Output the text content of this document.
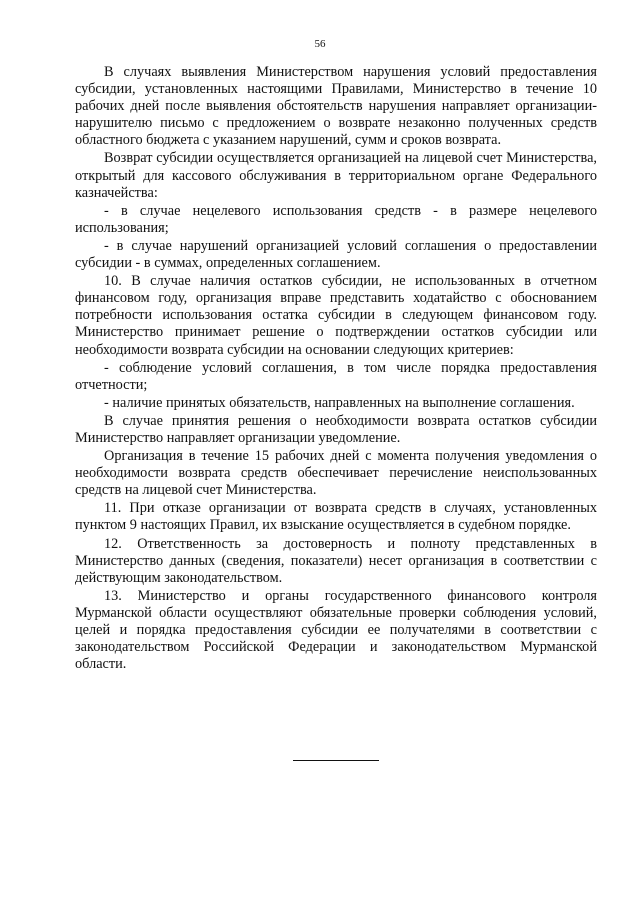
56

В случаях выявления Министерством нарушения условий предоставления субсидии, установленных настоящими Правилами, Министерство в течение 10 рабочих дней после выявления обстоятельств нарушения направляет организации-нарушителю письмо с предложением о возврате незаконно полученных средств областного бюджета с указанием нарушений, сумм и сроков возврата.

Возврат субсидии осуществляется организацией на лицевой счет Министерства, открытый для кассового обслуживания в территориальном органе Федерального казначейства:

- в случае нецелевого использования средств - в размере нецелевого использования;

- в случае нарушений организацией условий соглашения о предоставлении субсидии - в суммах, определенных соглашением.

10. В случае наличия остатков субсидии, не использованных в отчетном финансовом году, организация вправе представить ходатайство с обоснованием потребности использования остатка субсидии в следующем финансовом году. Министерство принимает решение о подтверждении остатков субсидии или необходимости возврата субсидии на основании следующих критериев:

- соблюдение условий соглашения, в том числе порядка предоставления отчетности;

- наличие принятых обязательств, направленных на выполнение соглашения.

В случае принятия решения о необходимости возврата остатков субсидии Министерство направляет организации уведомление.

Организация в течение 15 рабочих дней с момента получения уведомления о необходимости возврата средств обеспечивает перечисление неиспользованных средств на лицевой счет Министерства.

11. При отказе организации от возврата средств в случаях, установленных пунктом 9 настоящих Правил, их взыскание осуществляется в судебном порядке.

12. Ответственность за достоверность и полноту представленных в Министерство данных (сведения, показатели) несет организация в соответствии с действующим законодательством.

13. Министерство и органы государственного финансового контроля Мурманской области осуществляют обязательные проверки соблюдения условий, целей и порядка предоставления субсидии ее получателями в соответствии с законодательством Российской Федерации и законодательством Мурманской области.
